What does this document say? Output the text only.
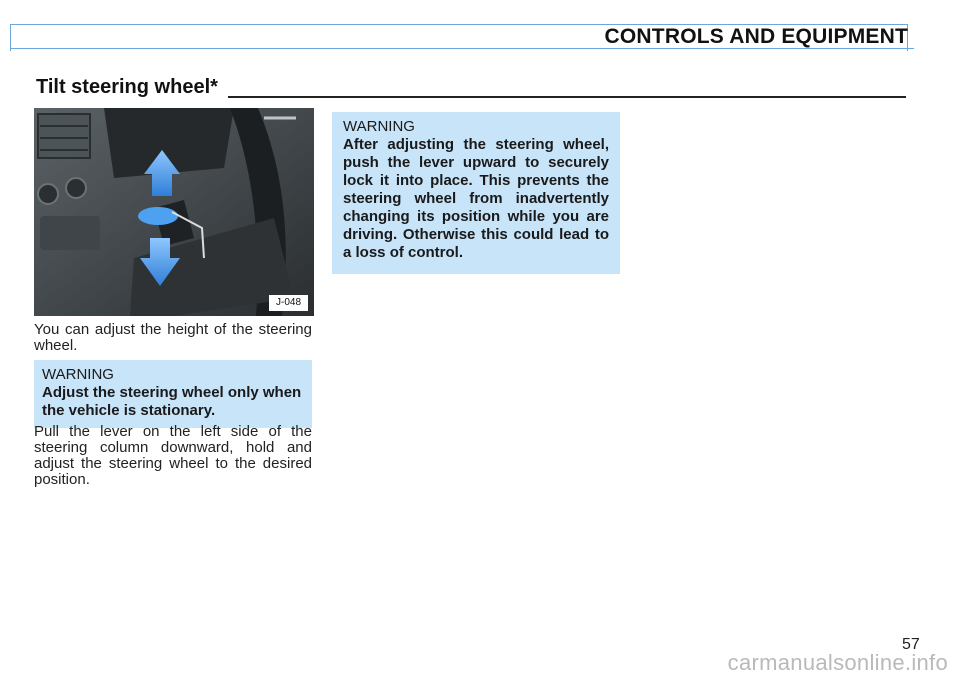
CONTROLS AND EQUIPMENT
Tilt steering wheel*
J-048
You can adjust the height of the steering wheel.
WARNING
Adjust the steering wheel only when the vehicle is stationary.
Pull the lever on the left side of the steering column downward, hold and adjust the steering wheel to the desired position.
WARNING
After adjusting the steering wheel, push the lever upward to securely lock it into place. This prevents the steering wheel from inadvertently changing its position while you are driving. Otherwise this could lead to a loss of control.
57
carmanualsonline.info
